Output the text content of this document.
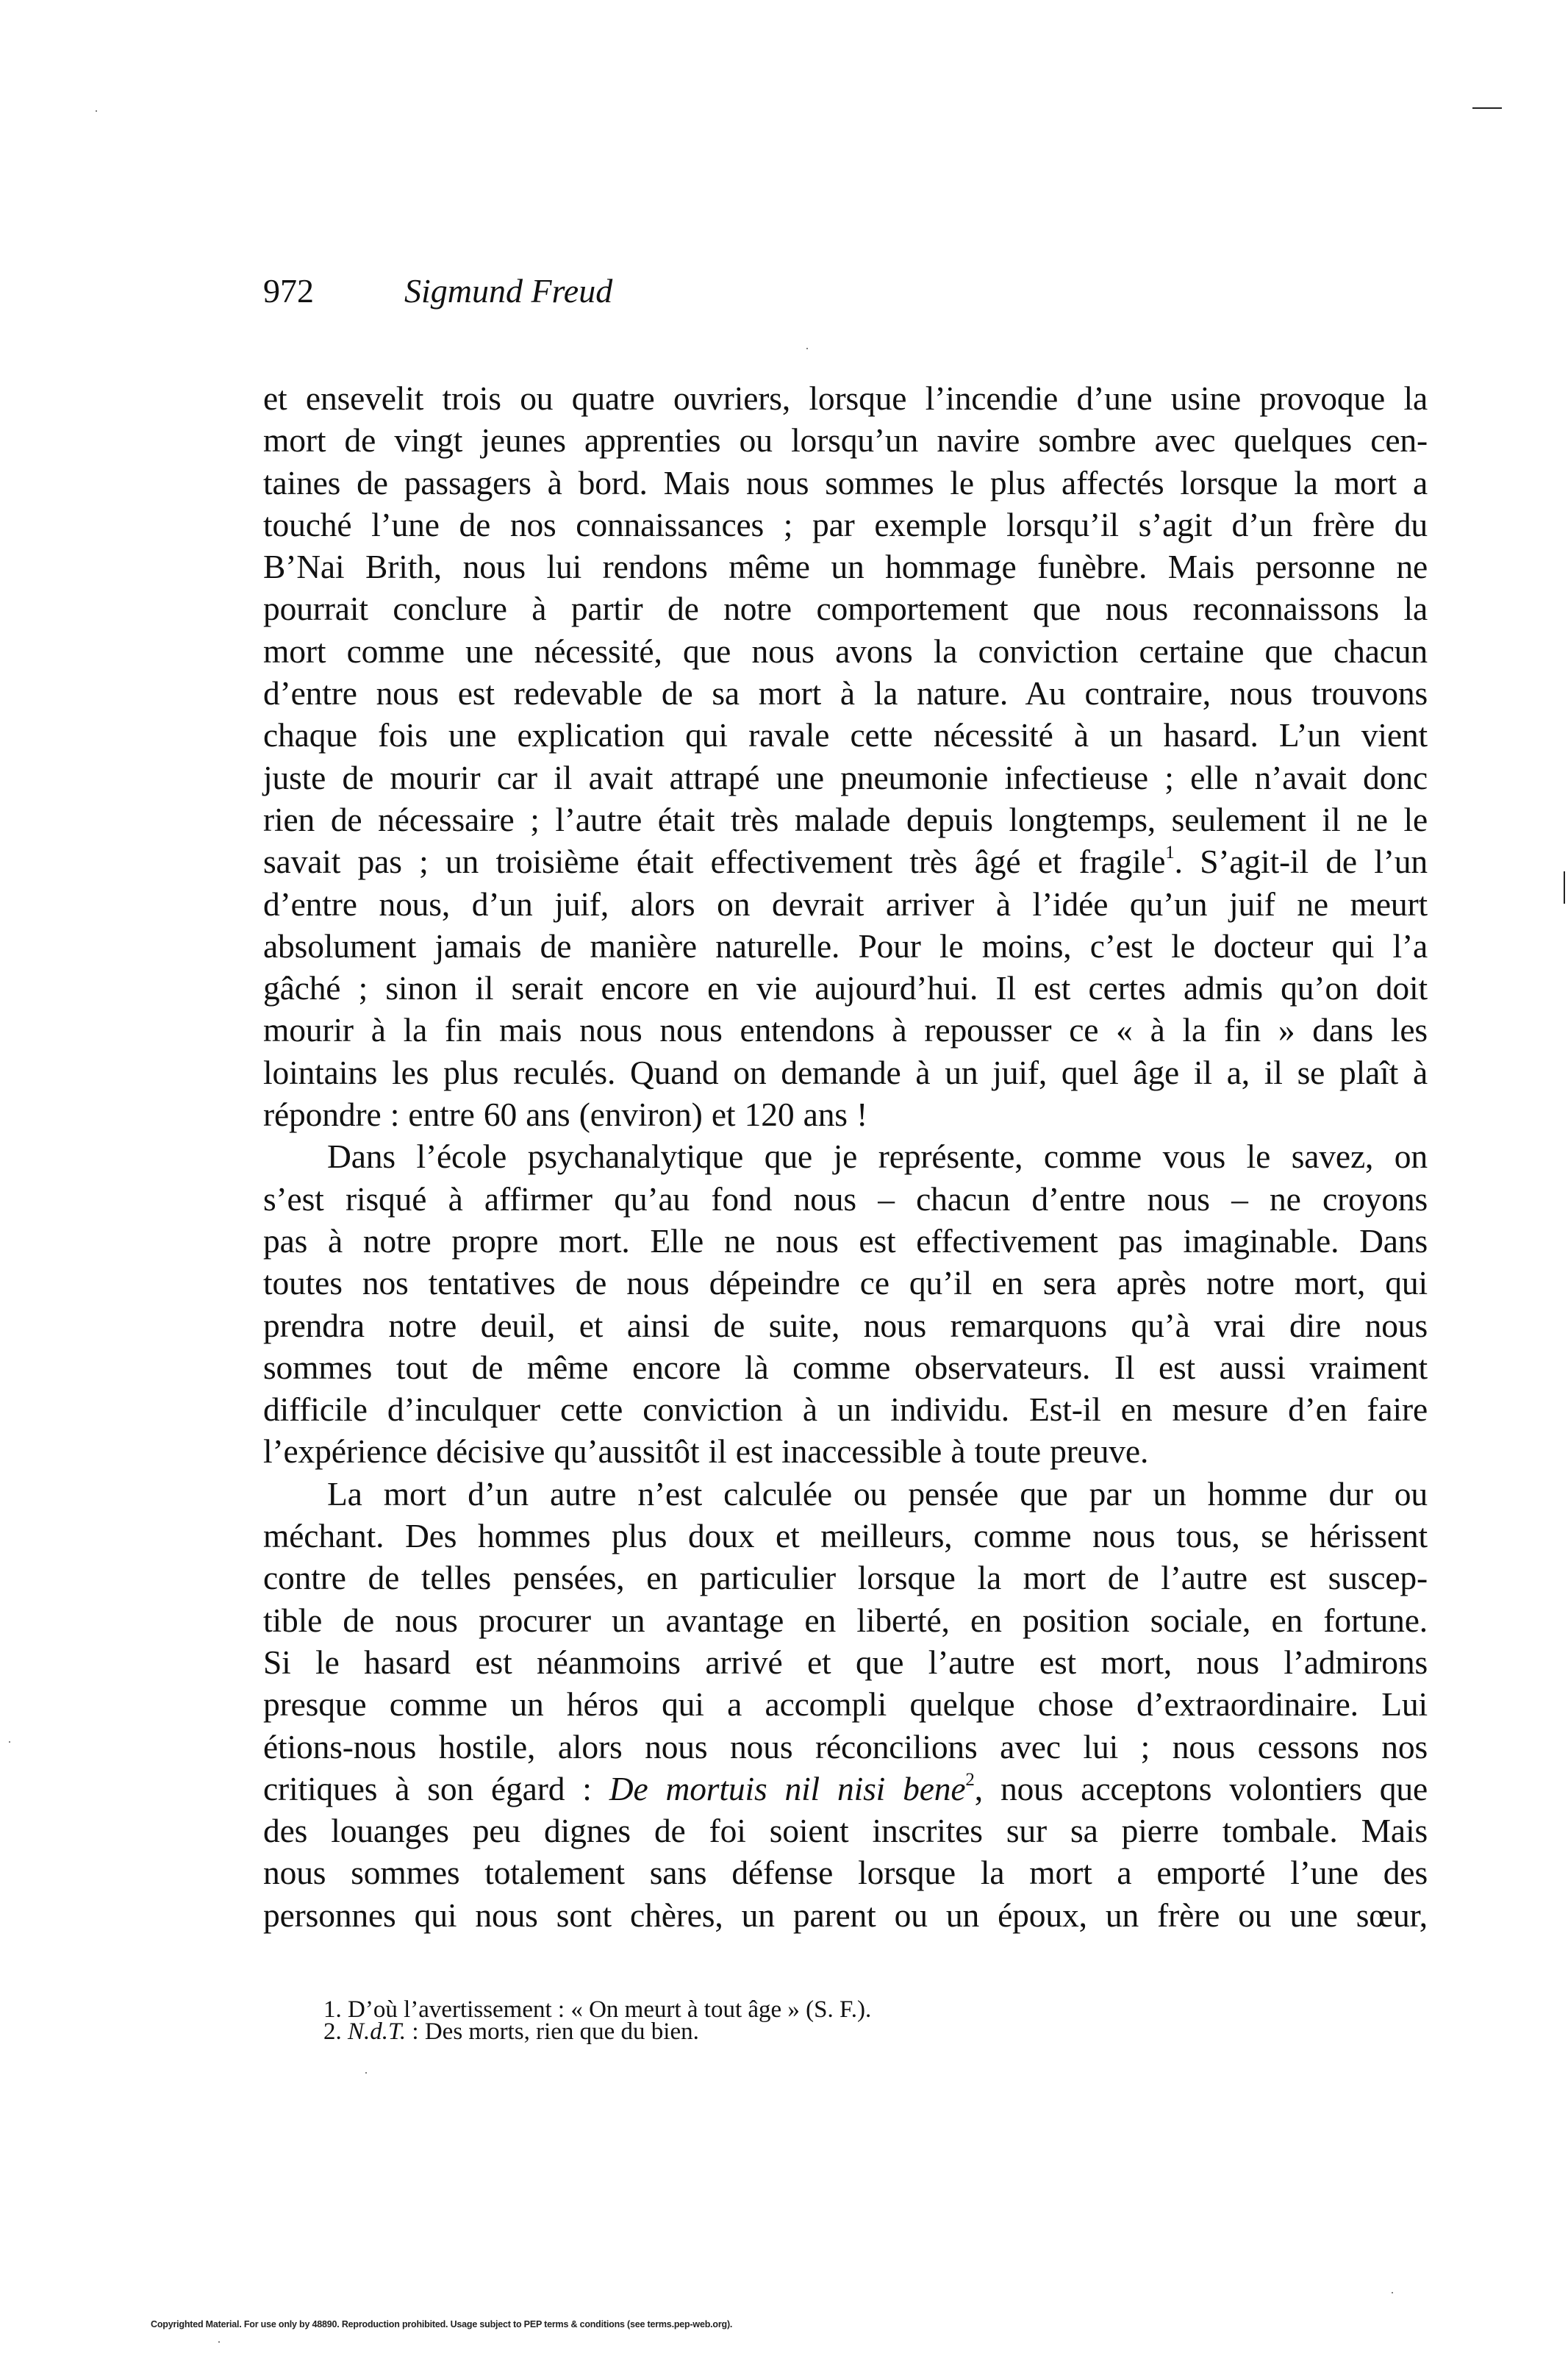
972	Sigmund Freud
et ensevelit trois ou quatre ouvriers, lorsque l’incendie d’une usine provoque la
mort de vingt jeunes apprenties ou lorsqu’un navire sombre avec quelques cen-
taines de passagers à bord. Mais nous sommes le plus affectés lorsque la mort a
touché l’une de nos connaissances ; par exemple lorsqu’il s’agit d’un frère du
B’Nai Brith, nous lui rendons même un hommage funèbre. Mais personne ne
pourrait conclure à partir de notre comportement que nous reconnaissons la
mort comme une nécessité, que nous avons la conviction certaine que chacun
d’entre nous est redevable de sa mort à la nature. Au contraire, nous trouvons
chaque fois une explication qui ravale cette nécessité à un hasard. L’un vient
juste de mourir car il avait attrapé une pneumonie infectieuse ; elle n’avait donc
rien de nécessaire ; l’autre était très malade depuis longtemps, seulement il ne le
savait pas ; un troisième était effectivement très âgé et fragile$^1$. S’agit-il de l’un
d’entre nous, d’un juif, alors on devrait arriver à l’idée qu’un juif ne meurt
absolument jamais de manière naturelle. Pour le moins, c’est le docteur qui l’a
gâché ; sinon il serait encore en vie aujourd’hui. Il est certes admis qu’on doit
mourir à la fin mais nous nous entendons à repousser ce « à la fin » dans les
lointains les plus reculés. Quand on demande à un juif, quel âge il a, il se plaît à
répondre : entre 60 ans (environ) et 120 ans !
Dans l’école psychanalytique que je représente, comme vous le savez, on
s’est risqué à affirmer qu’au fond nous – chacun d’entre nous – ne croyons
pas à notre propre mort. Elle ne nous est effectivement pas imaginable. Dans
toutes nos tentatives de nous dépeindre ce qu’il en sera après notre mort, qui
prendra notre deuil, et ainsi de suite, nous remarquons qu’à vrai dire nous
sommes tout de même encore là comme observateurs. Il est aussi vraiment
difficile d’inculquer cette conviction à un individu. Est-il en mesure d’en faire
l’expérience décisive qu’aussitôt il est inaccessible à toute preuve.
La mort d’un autre n’est calculée ou pensée que par un homme dur ou
méchant. Des hommes plus doux et meilleurs, comme nous tous, se hérissent
contre de telles pensées, en particulier lorsque la mort de l’autre est suscep-
tible de nous procurer un avantage en liberté, en position sociale, en fortune.
Si le hasard est néanmoins arrivé et que l’autre est mort, nous l’admirons
presque comme un héros qui a accompli quelque chose d’extraordinaire. Lui
étions-nous hostile, alors nous nous réconcilions avec lui ; nous cessons nos
critiques à son égard : De mortuis nil nisi bene$^2$, nous acceptons volontiers que
des louanges peu dignes de foi soient inscrites sur sa pierre tombale. Mais
nous sommes totalement sans défense lorsque la mort a emporté l’une des
personnes qui nous sont chères, un parent ou un époux, un frère ou une sœur,
1. D’où l’avertissement : « On meurt à tout âge » (S. F.).
2. N.d.T. : Des morts, rien que du bien.
Copyrighted Material. For use only by 48890. Reproduction prohibited. Usage subject to PEP terms & conditions (see terms.pep-web.org).
